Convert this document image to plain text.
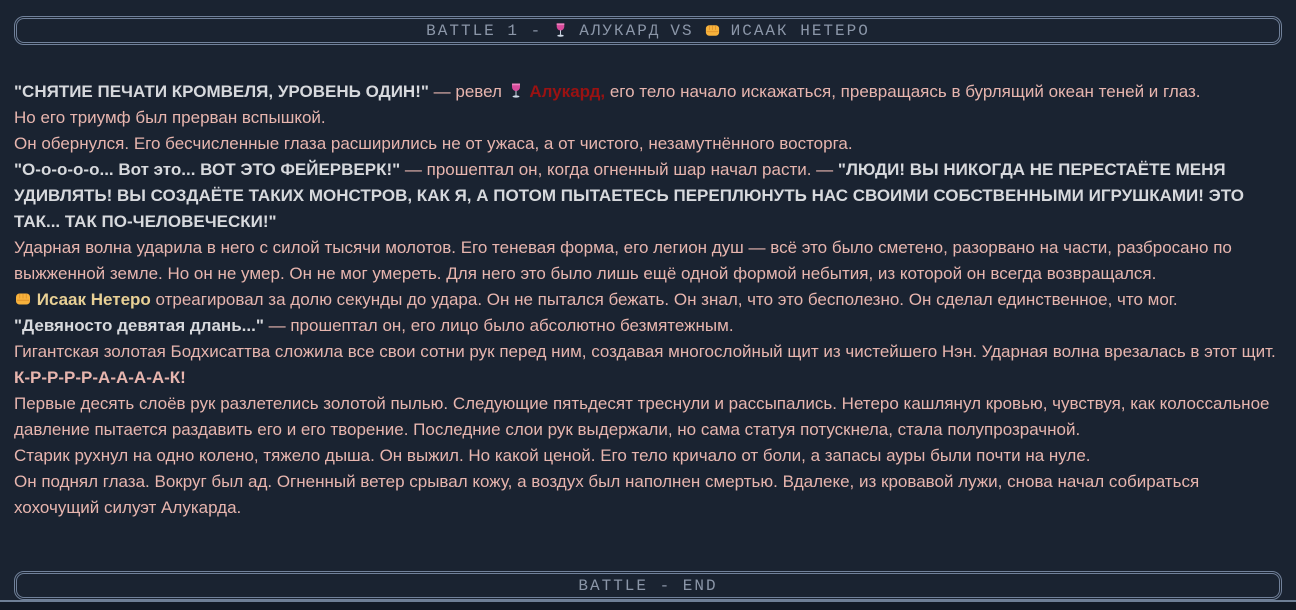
BATTLE 1 - АЛУКАРД VS ИСААК НЕТЕРО

"СНЯТИЕ ПЕЧАТИ КРОМВЕЛЯ, УРОВЕНЬ ОДИН!" — ревел
Алукард, его тело начало искажаться, превращаясь в бурлящий океан теней и глаз.

Но его триумф был прерван вспышкой.

Он обернулся. Его бесчисленные глаза расширились не от ужаса, а от чистого, незамутнённого восторга.

"О-о-о-о-о... Вот это... ВОТ ЭТО ФЕЙЕРВЕРК!" — прошептал он, когда огненный шар начал расти. — "ЛЮДИ! ВЫ НИКОГДА НЕ ПЕРЕСТАЁТЕ МЕНЯ УДИВЛЯТЬ! ВЫ СОЗДАЁТЕ ТАКИХ МОНСТРОВ, КАК Я, А ПОТОМ ПЫТАЕТЕСЬ ПЕРЕПЛЮНУТЬ НАС СВОИМИ СОБСТВЕННЫМИ ИГРУШКАМИ! ЭТО ТАК... ТАК ПО-ЧЕЛОВЕЧЕСКИ!"

Ударная волна ударила в него с силой тысячи молотов. Его теневая форма, его легион душ — всё это было сметено, разорвано на части, разбросано по выжженной земле. Но он не умер. Он не мог умереть. Для него это было лишь ещё одной формой небытия, из которой он всегда возвращался.

Исаак Нетеро отреагировал за долю секунды до удара. Он не пытался бежать. Он знал, что это бесполезно. Он сделал единственное, что мог.

"Девяносто девятая длань..." — прошептал он, его лицо было абсолютно безмятежным.

Гигантская золотая Бодхисаттва сложила все свои сотни рук перед ним, создавая многослойный щит из чистейшего Нэн. Ударная волна врезалась в этот щит.

К-Р-Р-Р-Р-А-А-А-А-К!

Первые десять слоёв рук разлетелись золотой пылью. Следующие пятьдесят треснули и рассыпались. Нетеро кашлянул кровью, чувствуя, как колоссальное давление пытается раздавить его и его творение. Последние слои рук выдержали, но сама статуя потускнела, стала полупрозрачной.

Старик рухнул на одно колено, тяжело дыша. Он выжил. Но какой ценой. Его тело кричало от боли, а запасы ауры были почти на нуле.

Он поднял глаза. Вокруг был ад. Огненный ветер срывал кожу, а воздух был наполнен смертью. Вдалеке, из кровавой лужи, снова начал собираться хохочущий силуэт Алукарда.

BATTLE - END
